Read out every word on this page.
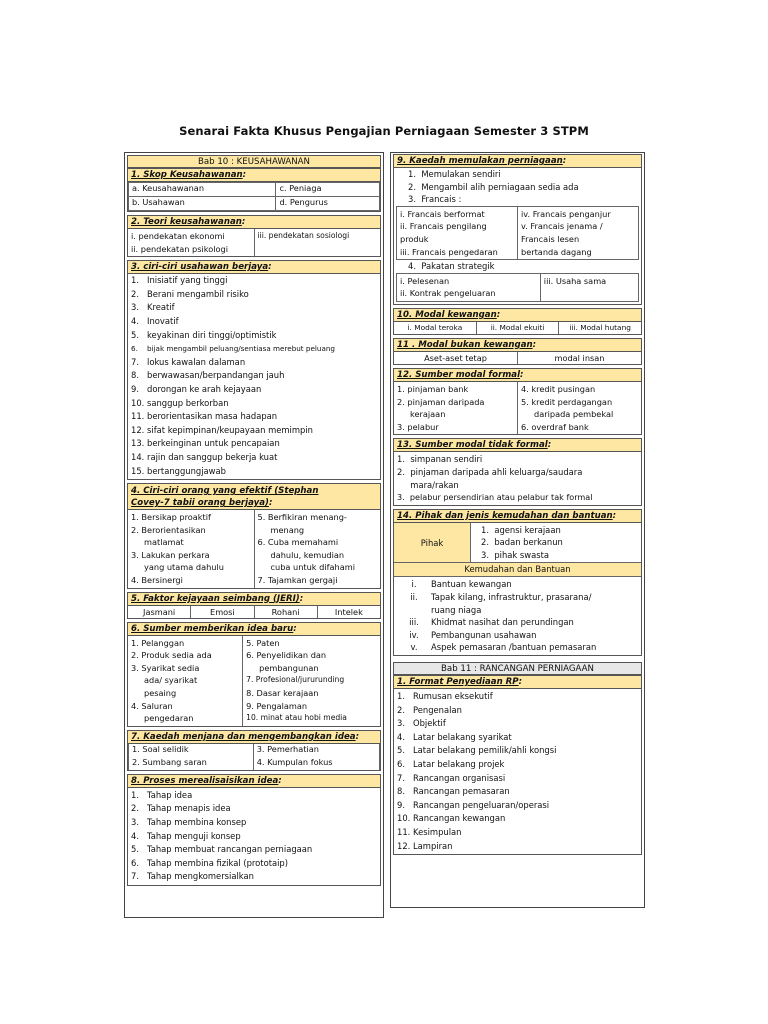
Senarai Fakta Khusus Pengajian Perniagaan Semester 3 STPM
Bab 10 : KEUSAHAWANAN
1. Skop Keusahawanan:
a. Keusahawanan	c. Peniaga
b. Usahawan	d. Pengurus
2. Teori keusahawanan:
i. pendekatan ekonomi
ii. pendekatan psikologi
iii. pendekatan sosiologi
3. ciri-ciri usahawan berjaya:
1. Inisiatif yang tinggi
2. Berani mengambil risiko
3. Kreatif
4. Inovatif
5. keyakinan diri tinggi/optimistik
6. bijak mengambil peluang/sentiasa merebut peluang
7. lokus kawalan dalaman
8. berwawasan/berpandangan jauh
9. dorongan ke arah kejayaan
10. sanggup berkorban
11. berorientasikan masa hadapan
12. sifat kepimpinan/keupayaan memimpin
13. berkeinginan untuk pencapaian
14. rajin dan sanggup bekerja kuat
15. bertanggungjawab
4. Ciri-ciri orang yang efektif (Stephan
Covey-7 tabii orang berjaya):
1. Bersikap proaktif
2. Berorientasikan
matlamat
3. Lakukan perkara
yang utama dahulu
4. Bersinergi
5. Berfikiran menang-
menang
6. Cuba memahami
dahulu, kemudian
cuba untuk difahami
7. Tajamkan gergaji
5. Faktor kejayaan seimbang (JERI):
Jasmani	Emosi	Rohani	Intelek
6. Sumber memberikan idea baru:
1. Pelanggan
2. Produk sedia ada
3. Syarikat sedia
ada/ syarikat
pesaing
4. Saluran
pengedaran
5. Paten
6. Penyelidikan dan
pembangunan
7. Profesional/jururunding
8. Dasar kerajaan
9. Pengalaman
10. minat atau hobi media
7. Kaedah menjana dan mengembangkan idea:
1. Soal selidik	3. Pemerhatian
2. Sumbang saran	4. Kumpulan fokus
8. Proses merealisaisikan idea:
1. Tahap idea
2. Tahap menapis idea
3. Tahap membina konsep
4. Tahap menguji konsep
5. Tahap membuat rancangan perniagaan
6. Tahap membina fizikal (prototaip)
7. Tahap mengkomersialkan
9. Kaedah memulakan perniagaan:
1.  Memulakan sendiri
2.  Mengambil alih perniagaan sedia ada
3.  Francais :
i. Francais berformat
ii. Francais pengilang
produk
iii. Francais pengedaran
iv. Francais penganjur
v. Francais jenama /
Francais lesen
bertanda dagang
4.  Pakatan strategik
i. Pelesenan
ii. Kontrak pengeluaran
iii. Usaha sama
10. Modal kewangan:
i. Modal teroka	ii. Modal ekuiti	iii. Modal hutang
11 . Modal bukan kewangan:
Aset-aset tetap	modal insan
12. Sumber modal formal:
1. pinjaman bank
2. pinjaman daripada
kerajaan
3. pelabur
4. kredit pusingan
5. kredit perdagangan
daripada pembekal
6. overdraf bank
13. Sumber modal tidak formal:
1.  simpanan sendiri
2.  pinjaman daripada ahli keluarga/saudara
mara/rakan
3.  pelabur persendirian atau pelabur tak formal
14. Pihak dan jenis kemudahan dan bantuan:
Pihak
1.  agensi kerajaan
2.  badan berkanun
3.  pihak swasta
Kemudahan dan Bantuan
i. Bantuan kewangan
ii. Tapak kilang, infrastruktur, prasarana/
ruang niaga
iii. Khidmat nasihat dan perundingan
iv. Pembangunan usahawan
v. Aspek pemasaran /bantuan pemasaran
Bab 11 : RANCANGAN PERNIAGAAN
1. Format Penyediaan RP:
1. Rumusan eksekutif
2. Pengenalan
3. Objektif
4. Latar belakang syarikat
5. Latar belakang pemilik/ahli kongsi
6. Latar belakang projek
7. Rancangan organisasi
8. Rancangan pemasaran
9. Rancangan pengeluaran/operasi
10. Rancangan kewangan
11. Kesimpulan
12. Lampiran
